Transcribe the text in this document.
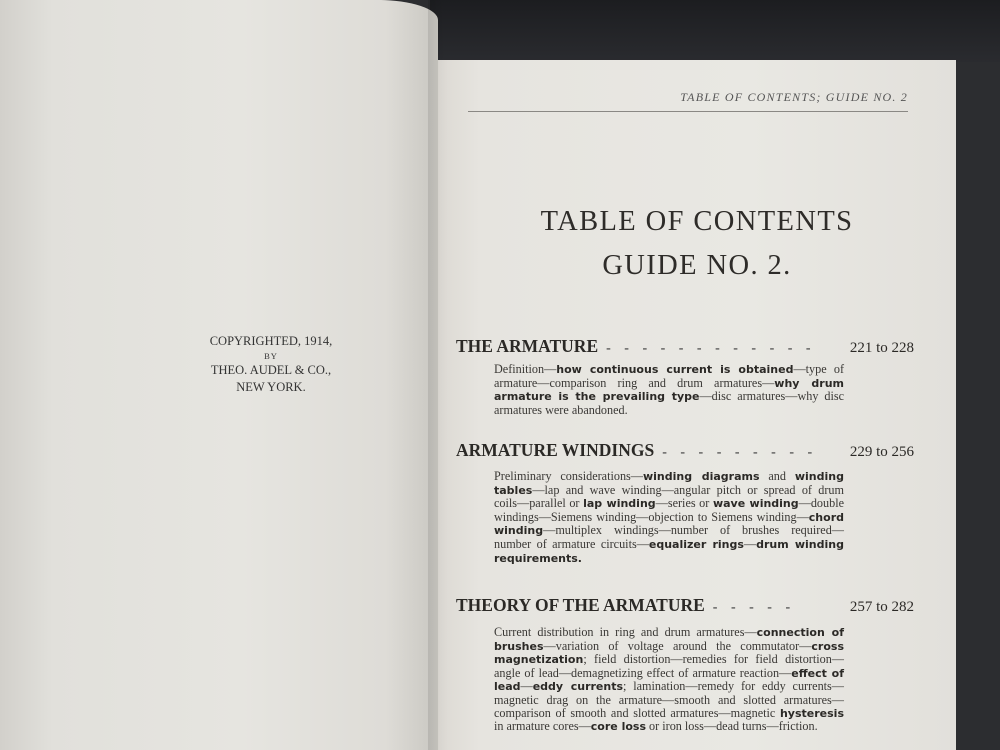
COPYRIGHTED, 1914,
BY
THEO. AUDEL & CO.,
NEW YORK.
TABLE OF CONTENTS; GUIDE NO. 2
TABLE OF CONTENTS
GUIDE NO. 2.
THE ARMATURE - - - - - - - - - - - -	221 to 228
Definition—how continuous current is obtained—type of armature—comparison ring and drum armatures—why drum armature is the prevailing type—disc armatures—why disc armatures were abandoned.
ARMATURE WINDINGS - - - - - - - - -	229 to 256
Preliminary considerations—winding diagrams and winding tables—lap and wave winding—angular pitch or spread of drum coils—parallel or lap winding—series or wave winding—double windings—Siemens winding—objection to Siemens winding—chord winding—multiplex windings—number of brushes required—number of armature circuits—equalizer rings—drum winding requirements.
THEORY OF THE ARMATURE - - - - -	257 to 282
Current distribution in ring and drum armatures—connection of brushes—variation of voltage around the commutator—cross magnetization; field distortion—remedies for field distortion—angle of lead—demagnetizing effect of armature reaction—effect of lead—eddy currents; lamination—remedy for eddy currents—magnetic drag on the armature—smooth and slotted armatures—comparison of smooth and slotted armatures—magnetic hysteresis in armature cores—core loss or iron loss—dead turns—friction.
